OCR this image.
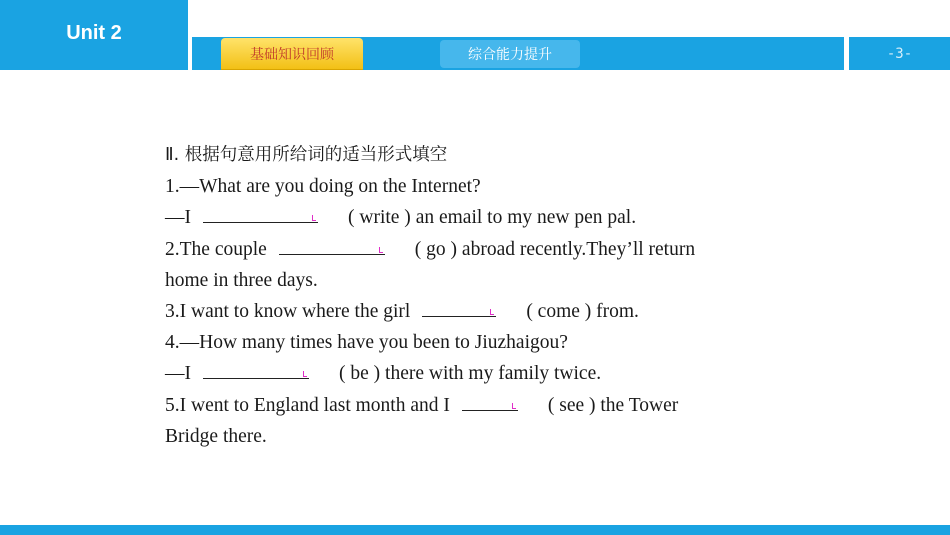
Unit 2
基础知识回顾	综合能力提升	-3-
Ⅱ. 根据句意用所给词的适当形式填空
1.—What are you doing on the Internet?
—I	( write ) an email to my new pen pal.
2.The couple	( go ) abroad recently.They’ll return
home in three days.
3.I want to know where the girl	( come ) from.
4.—How many times have you been to Jiuzhaigou?
—I	( be ) there with my family twice.
5.I went to England last month and I	( see ) the Tower
Bridge there.
